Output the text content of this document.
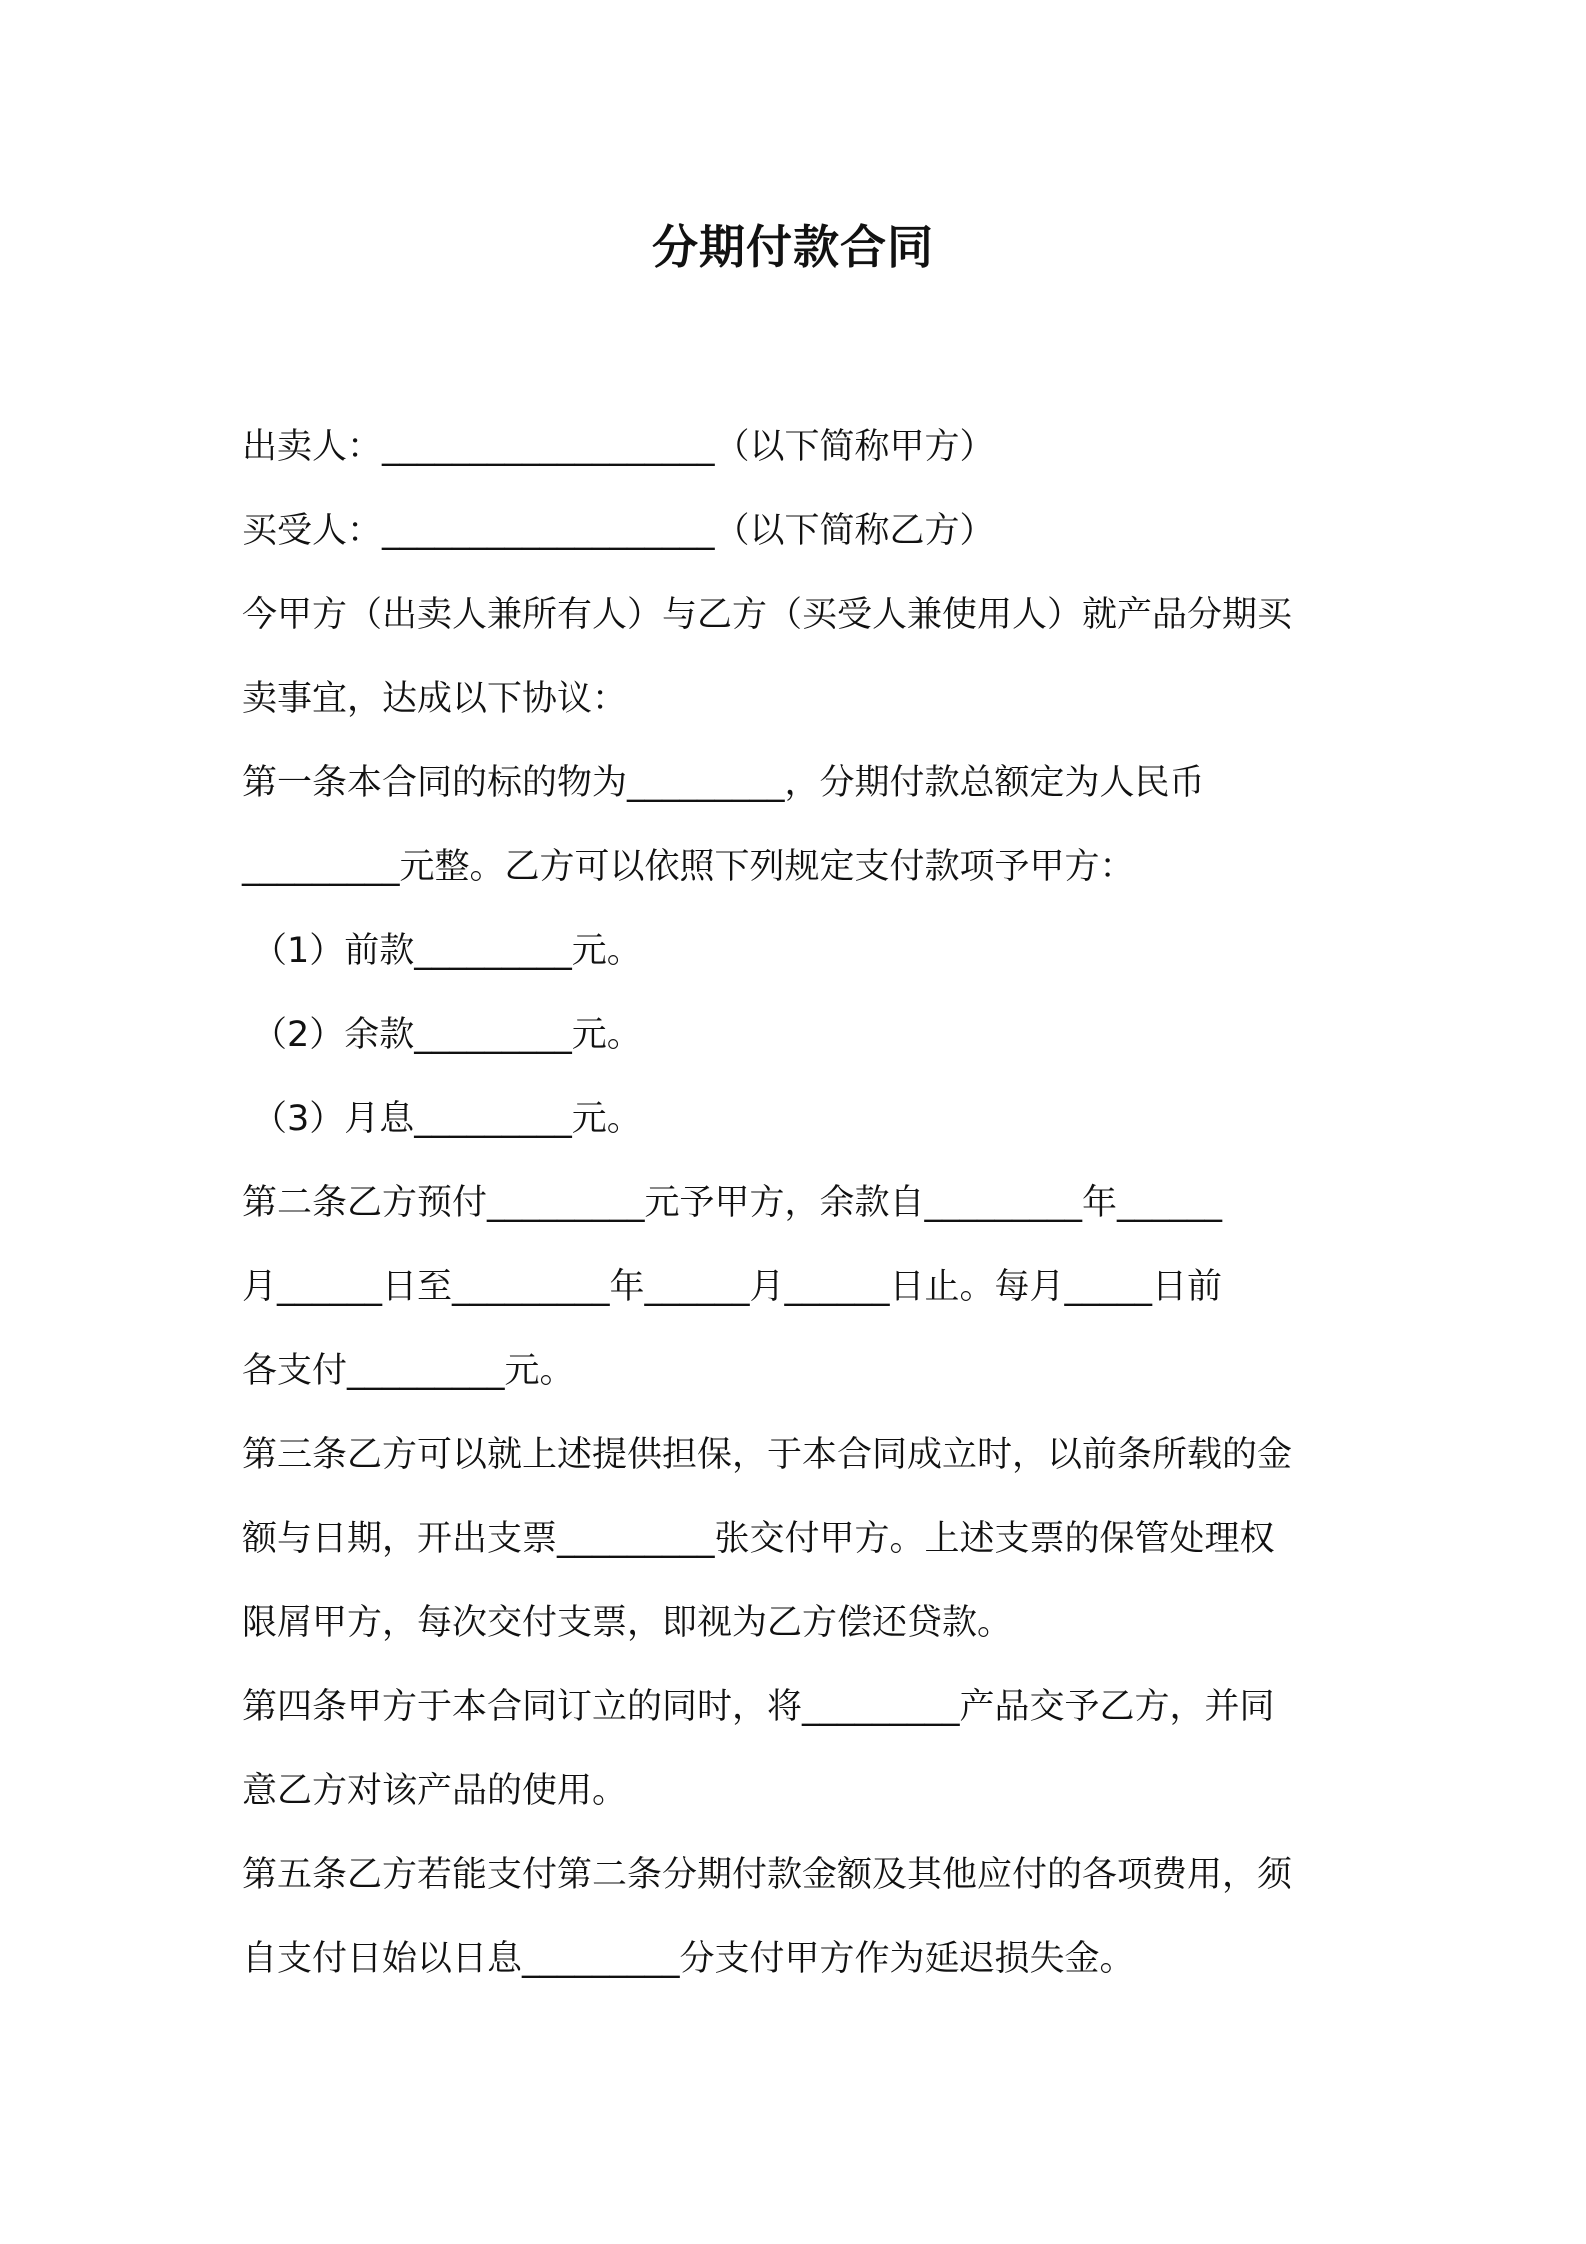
分期付款合同
出卖人：___________________（以下简称甲方）
买受人：___________________（以下简称乙方）
今甲方（出卖人兼所有人）与乙方（买受人兼使用人）就产品分期买
卖事宜，达成以下协议：
第一条本合同的标的物为_________，分期付款总额定为人民币
_________元整。乙方可以依照下列规定支付款项予甲方：
（1）前款_________元。
（2）余款_________元。
（3）月息_________元。
第二条乙方预付_________元予甲方，余款自_________年______
月______日至_________年______月______日止。每月_____日前
各支付_________元。
第三条乙方可以就上述提供担保，于本合同成立时，以前条所载的金
额与日期，开出支票_________张交付甲方。上述支票的保管处理权
限屑甲方，每次交付支票，即视为乙方偿还贷款。
第四条甲方于本合同订立的同时，将_________产品交予乙方，并同
意乙方对该产品的使用。
第五条乙方若能支付第二条分期付款金额及其他应付的各项费用，须
自支付日始以日息_________分支付甲方作为延迟损失金。
